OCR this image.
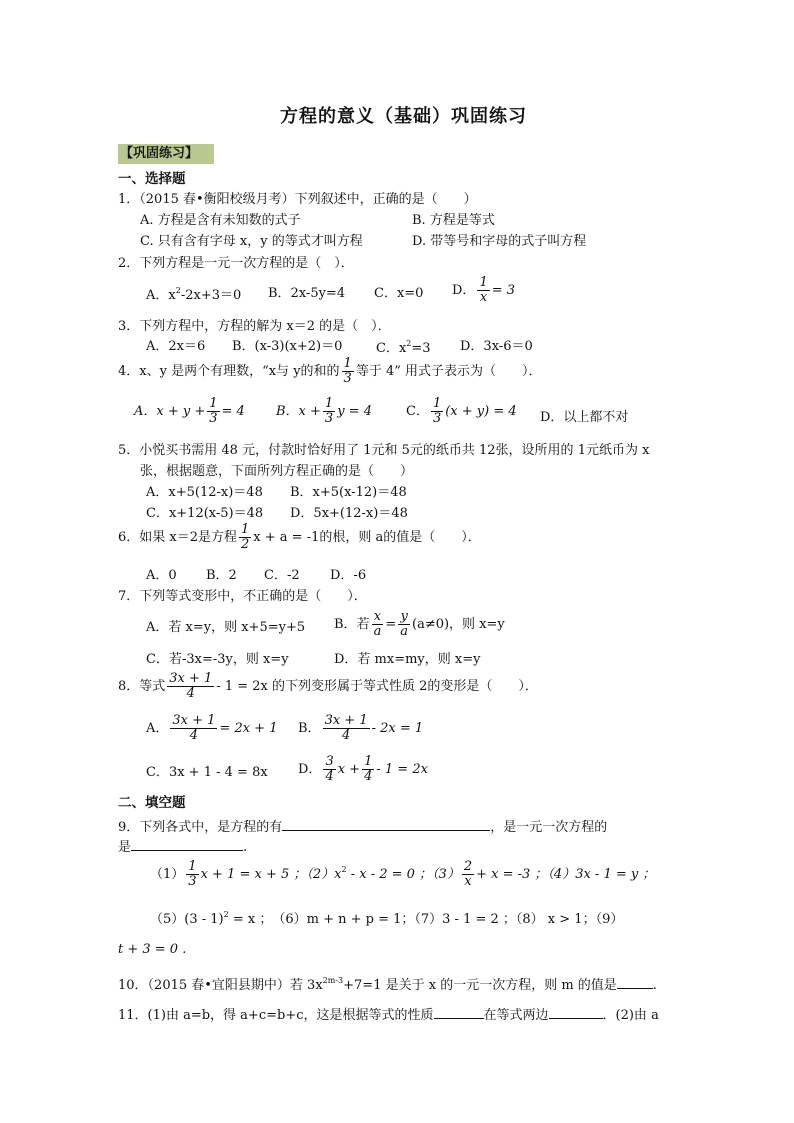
方程的意义（基础）巩固练习
【巩固练习】
一、选择题
1．（2015 春•衡阳校级月考）下列叙述中，正确的是（　　）
A. 方程是含有未知数的式子	B. 方程是等式
C. 只有含有字母 x，y 的等式才叫方程	D. 带等号和字母的式子叫方程
2．下列方程是一元一次方程的是（　）．
A．$x^2-2x+3=0$ B．2x-5y=4 C．x=0 D． $\frac{1}{x} = 3$
3．下列方程中，方程的解为 x＝2 的是（　）．
A．2x＝6 B．(x-3)(x+2)＝0	C．$x^2=3$ D．3x-6＝0
4．x、y 是两个有理数，“x与 y的和的 $\frac{1}{3}$ 等于 4” 用式子表示为（　　）．
A．$x + y + \frac{1}{3} = 4$ B．$x + \frac{1}{3}$ y = 4	C． $\frac{1}{3} (x + y) = 4$ D．以上都不对
5．小悦买书需用 48 元，付款时恰好用了 1元和 5元的纸币共 12张，设所用的 1元纸币为 x
张，根据题意，下面所列方程正确的是（　　）
A．x+5(12-x)＝48 B．x+5(x-12)＝48
C．x+12(x-5)＝48 D．5x+(12-x)＝48
6．如果 x＝2是方程 $\frac{1}{2}$ x + a = -1的根，则 a的值是（　　）．
A．0 B．2 C．-2 D．-6
7．下列等式变形中，不正确的是（　　）．
A．若 x=y，则 x+5=y+5 B．若 $\frac{x}{a} = \frac{y}{a} (a\ne 0)$，则 x=y
C．若-3x=-3y，则 x=y	D．若 mx=my，则 x=y
8．等式 $\frac{3x + 1}{4} - 1 = 2x$ 的下列变形属于等式性质 2的变形是（　　）．
A． $\frac{3x + 1}{4} = 2x + 1$ B． $\frac{3x + 1}{4} - 2x = 1$
C．3x + 1 - 4 = 8x D． $\frac{3}{4}$ $x + \frac{1}{4} - 1 = 2x$
二、填空题
9．下列各式中，是方程的有	，是一元一次方程的
是	.
$(1) \frac{1}{3}$ x + 1 = x + 5 ；$(2)x^2 - x - 2 = 0$ ；$(3) \frac{2}{x} + x = -3$ ；（4）3x - 1 = y ；
（5）(3 - 1)$^2$ = x ；　（6）m + n + p = 1；（7）3 - 1 = 2 ；（8） x > 1；（9）
t + 3 = 0 .
10．（2015 春•宜阳县期中）若 $3x^{2m-3}+7=1$ 是关于 x 的一元一次方程，则 m 的值是	.
11．(1)由 a=b，得 a+c=b+c，这是根据等式的性质	在等式两边	．(2)由 a
